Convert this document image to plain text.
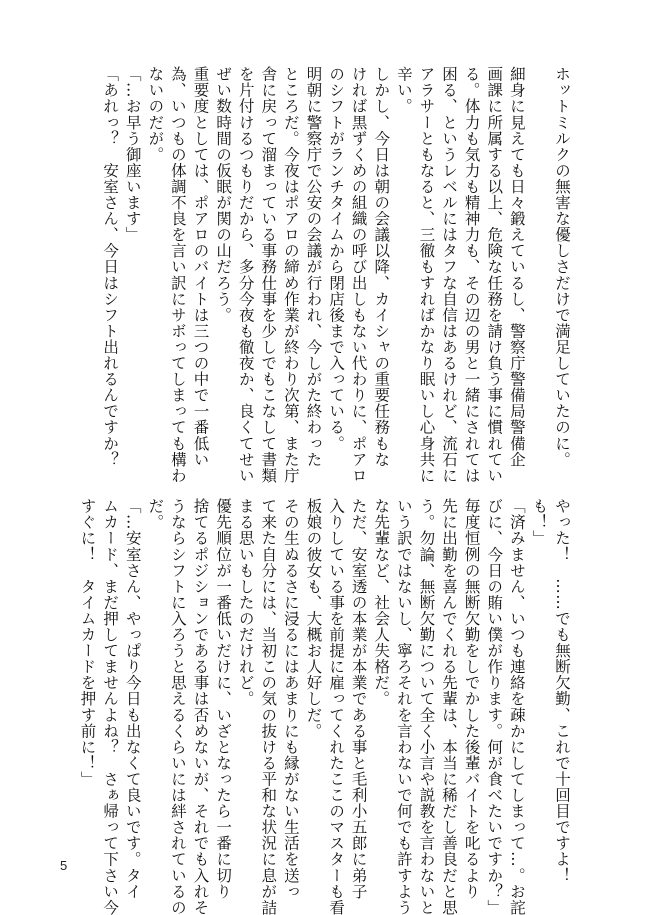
ホットミルクの無害な優しさだけで満足していたのに。

細身に見えても日々鍛えているし、警察庁警備局警備企
画課に所属する以上、危険な任務を請け負う事に慣れてい
る。体力も気力も精神力も、その辺の男と一緒にされては
困る、というレベルにはタフな自信はあるけれど、流石に
アラサーともなると、三徹もすればかなり眠いし心身共に
辛い。
しかし、今日は朝の会議以降、カイシャの重要任務もな
ければ黒ずくめの組織の呼び出しもない代わりに、ポアロ
のシフトがランチタイムから閉店後まで入っている。
明朝に警察庁で公安の会議が行われ、今しがた終わった
ところだ。今夜はポアロの締め作業が終わり次第、また庁
舎に戻って溜まっている事務仕事を少しでもこなして書類
を片付けるつもりだから、多分今夜も徹夜か、良くてせい
ぜい数時間の仮眠が関の山だろう。
重要度としては、ポアロのバイトは三つの中で一番低い
為、いつもの体調不良を言い訳にサボってしまっても構わ
ないのだが。
「…お早う御座います」
「あれっ？　安室さん、今日はシフト出れるんですか？
やった！　……でも無断欠勤、これで十回目ですよ！
も！」
「済みません、いつも連絡を疎かにしてしまって…。お詫
びに、今日の賄い僕が作ります。何が食べたいですか？」
毎度恒例の無断欠勤をしでかした後輩バイトを叱るより
先に出勤を喜んでくれる先輩は、本当に稀だし善良だと思
う。勿論、無断欠勤について全く小言や説教を言わないと
いう訳ではないし、寧ろそれを言わないで何でも許すよう
な先輩など、社会人失格だ。
ただ、安室透の本業が本業である事と毛利小五郎に弟子
入りしている事を前提に雇ってくれたここのマスターも看
板娘の彼女も、大概お人好しだ。
その生ぬるさに浸るにはあまりにも縁がない生活を送っ
て来た自分には、当初この気の抜ける平和な状況に息が詰
まる思いもしたのだけれど。
優先順位が一番低いだけに、いざとなったら一番に切り
捨てるポジションである事は否めないが、それでも入れそ
うならシフトに入ろうと思えるくらいには絆されているの
だ。
「…安室さん、やっぱり今日も出なくて良いです。タイ
ムカード、まだ押してませんよね？　さぁ帰って下さい今
すぐに！　タイムカードを押す前に！」
5
